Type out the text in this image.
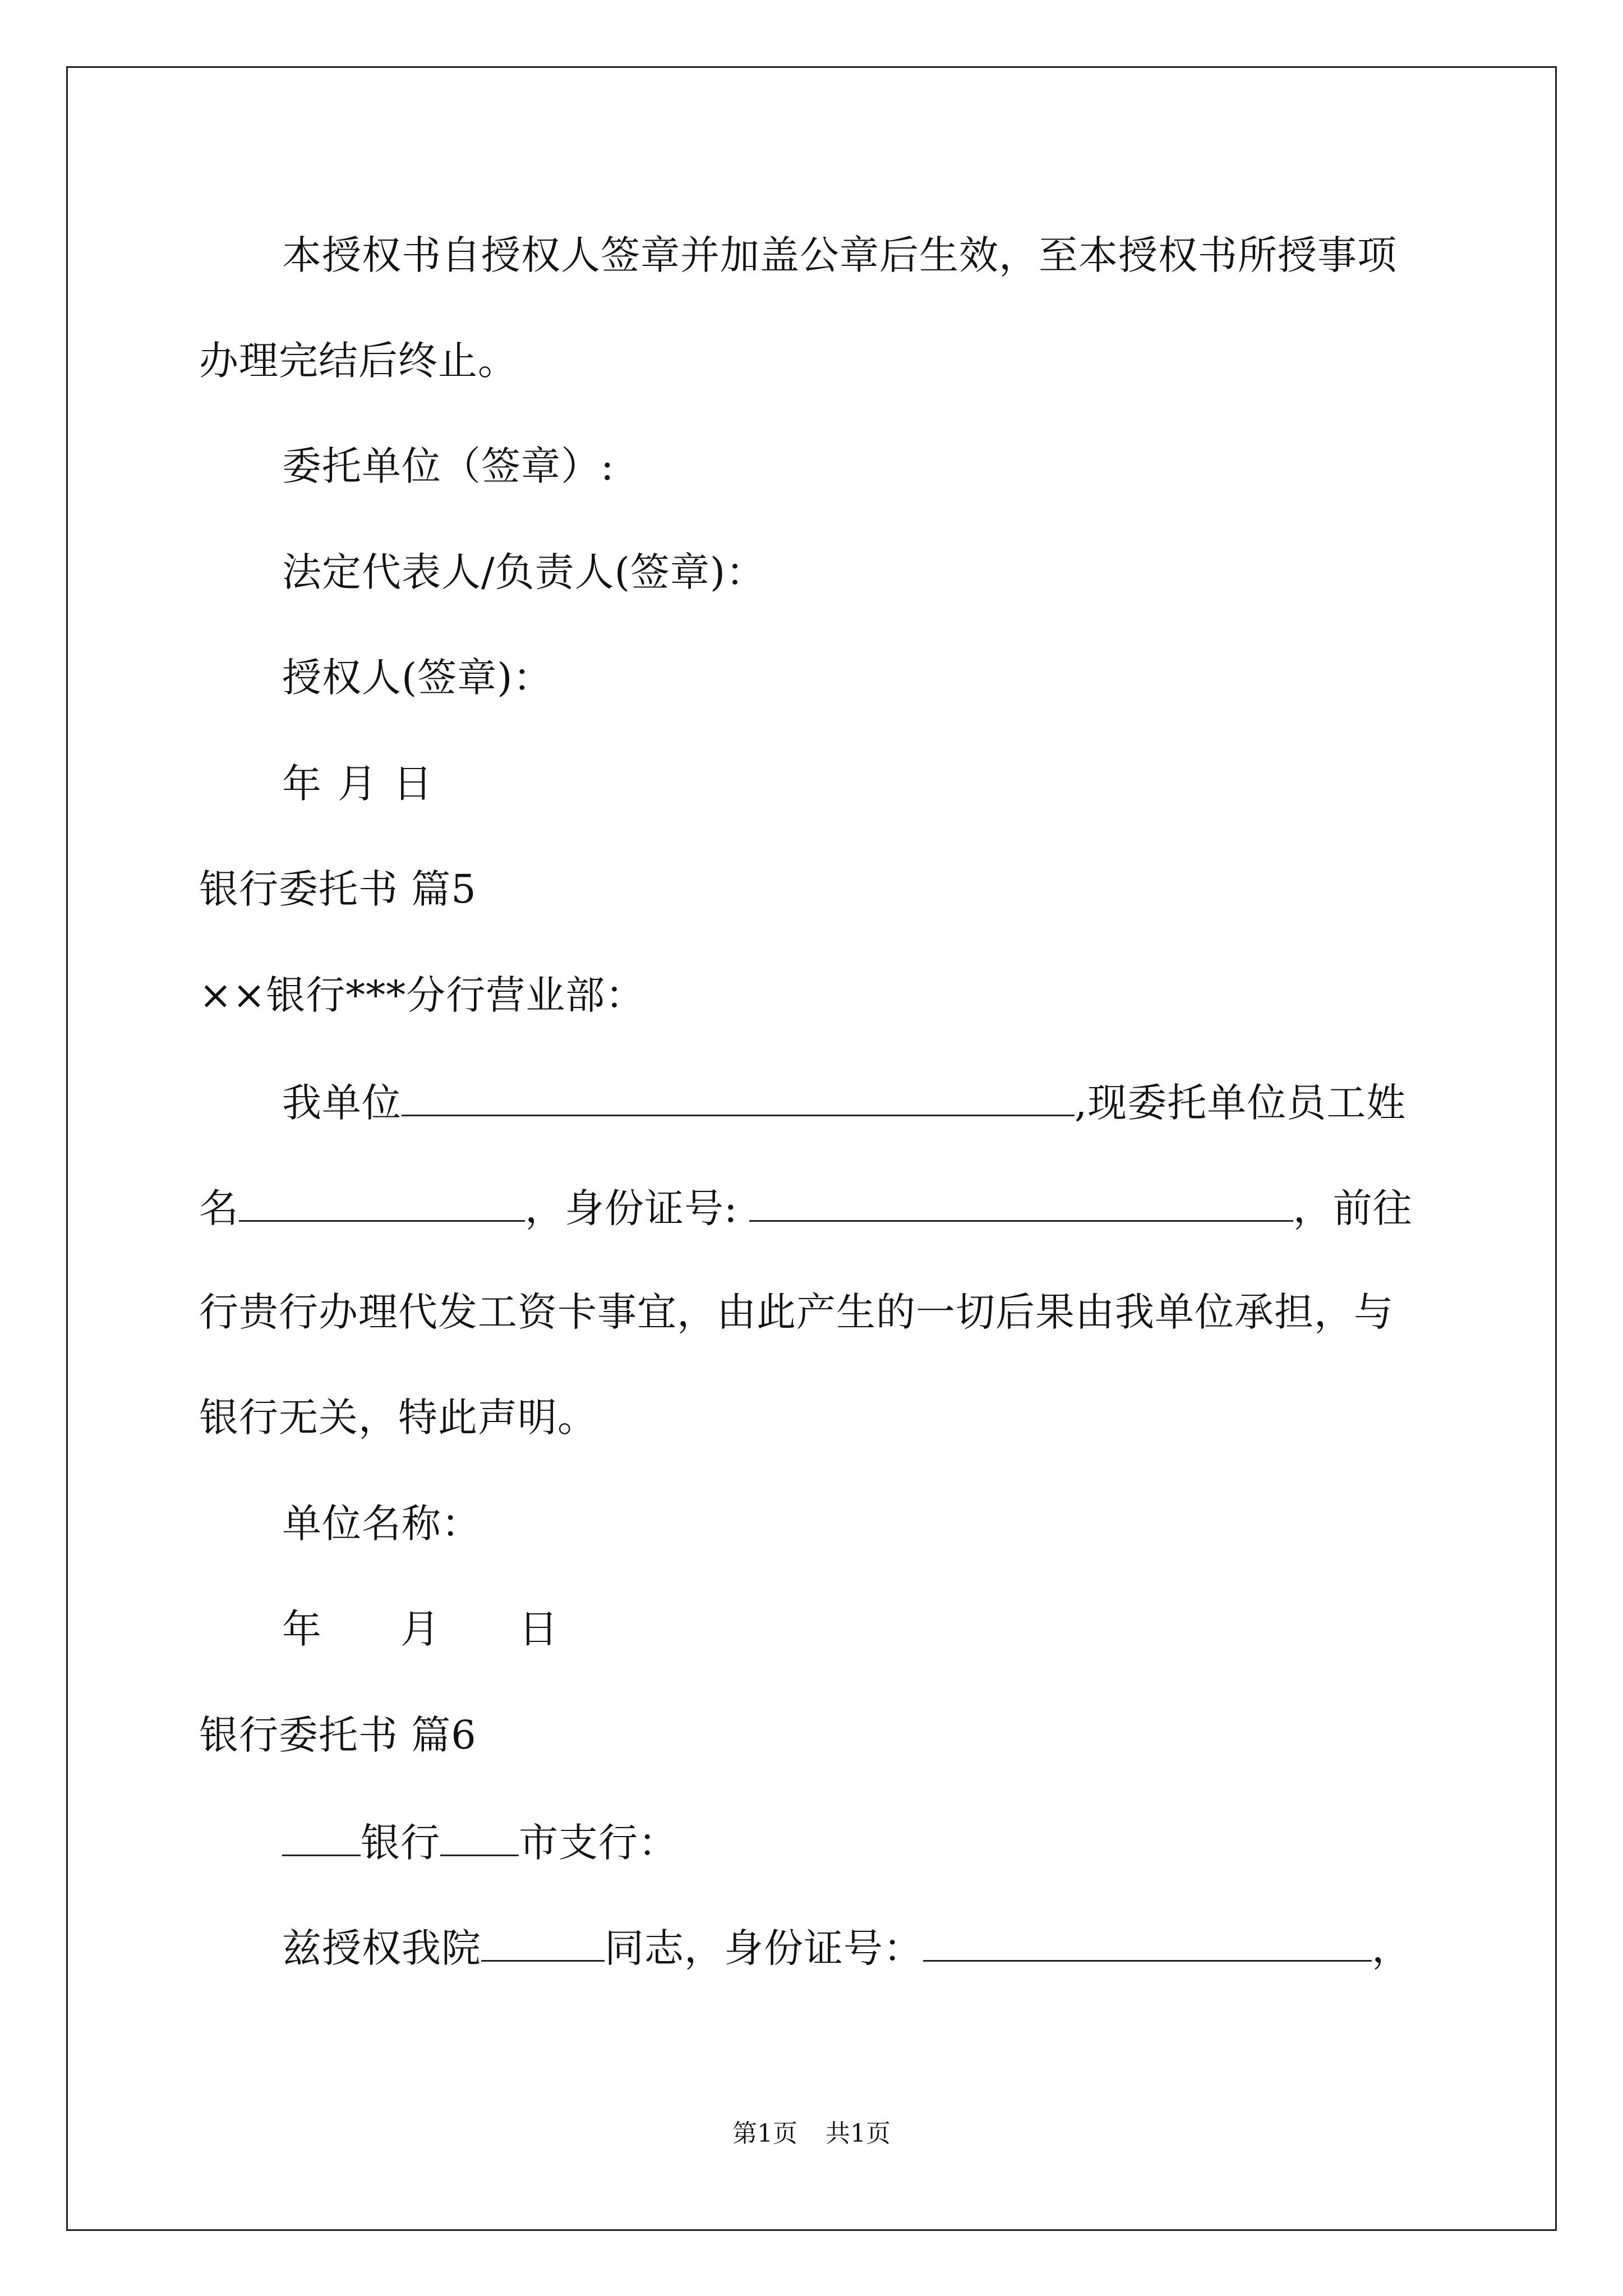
本授权书自授权人签章并加盖公章后生效，至本授权书所授事项
办理完结后终止。
委托单位（签章）:
法定代表人/负责人(签章)：
授权人(签章)：
年 月 日
银行委托书 篇5
××银行***分行营业部：
我单位	,现委托单位员工姓
名	，身份证号:	，前往
行贵行办理代发工资卡事宜，由此产生的一切后果由我单位承担，与
银行无关，特此声明。
单位名称：
年 月 日
银行委托书 篇6
银行 市支行：
兹授权我院	同志，身份证号：	，
第1页 共1页
